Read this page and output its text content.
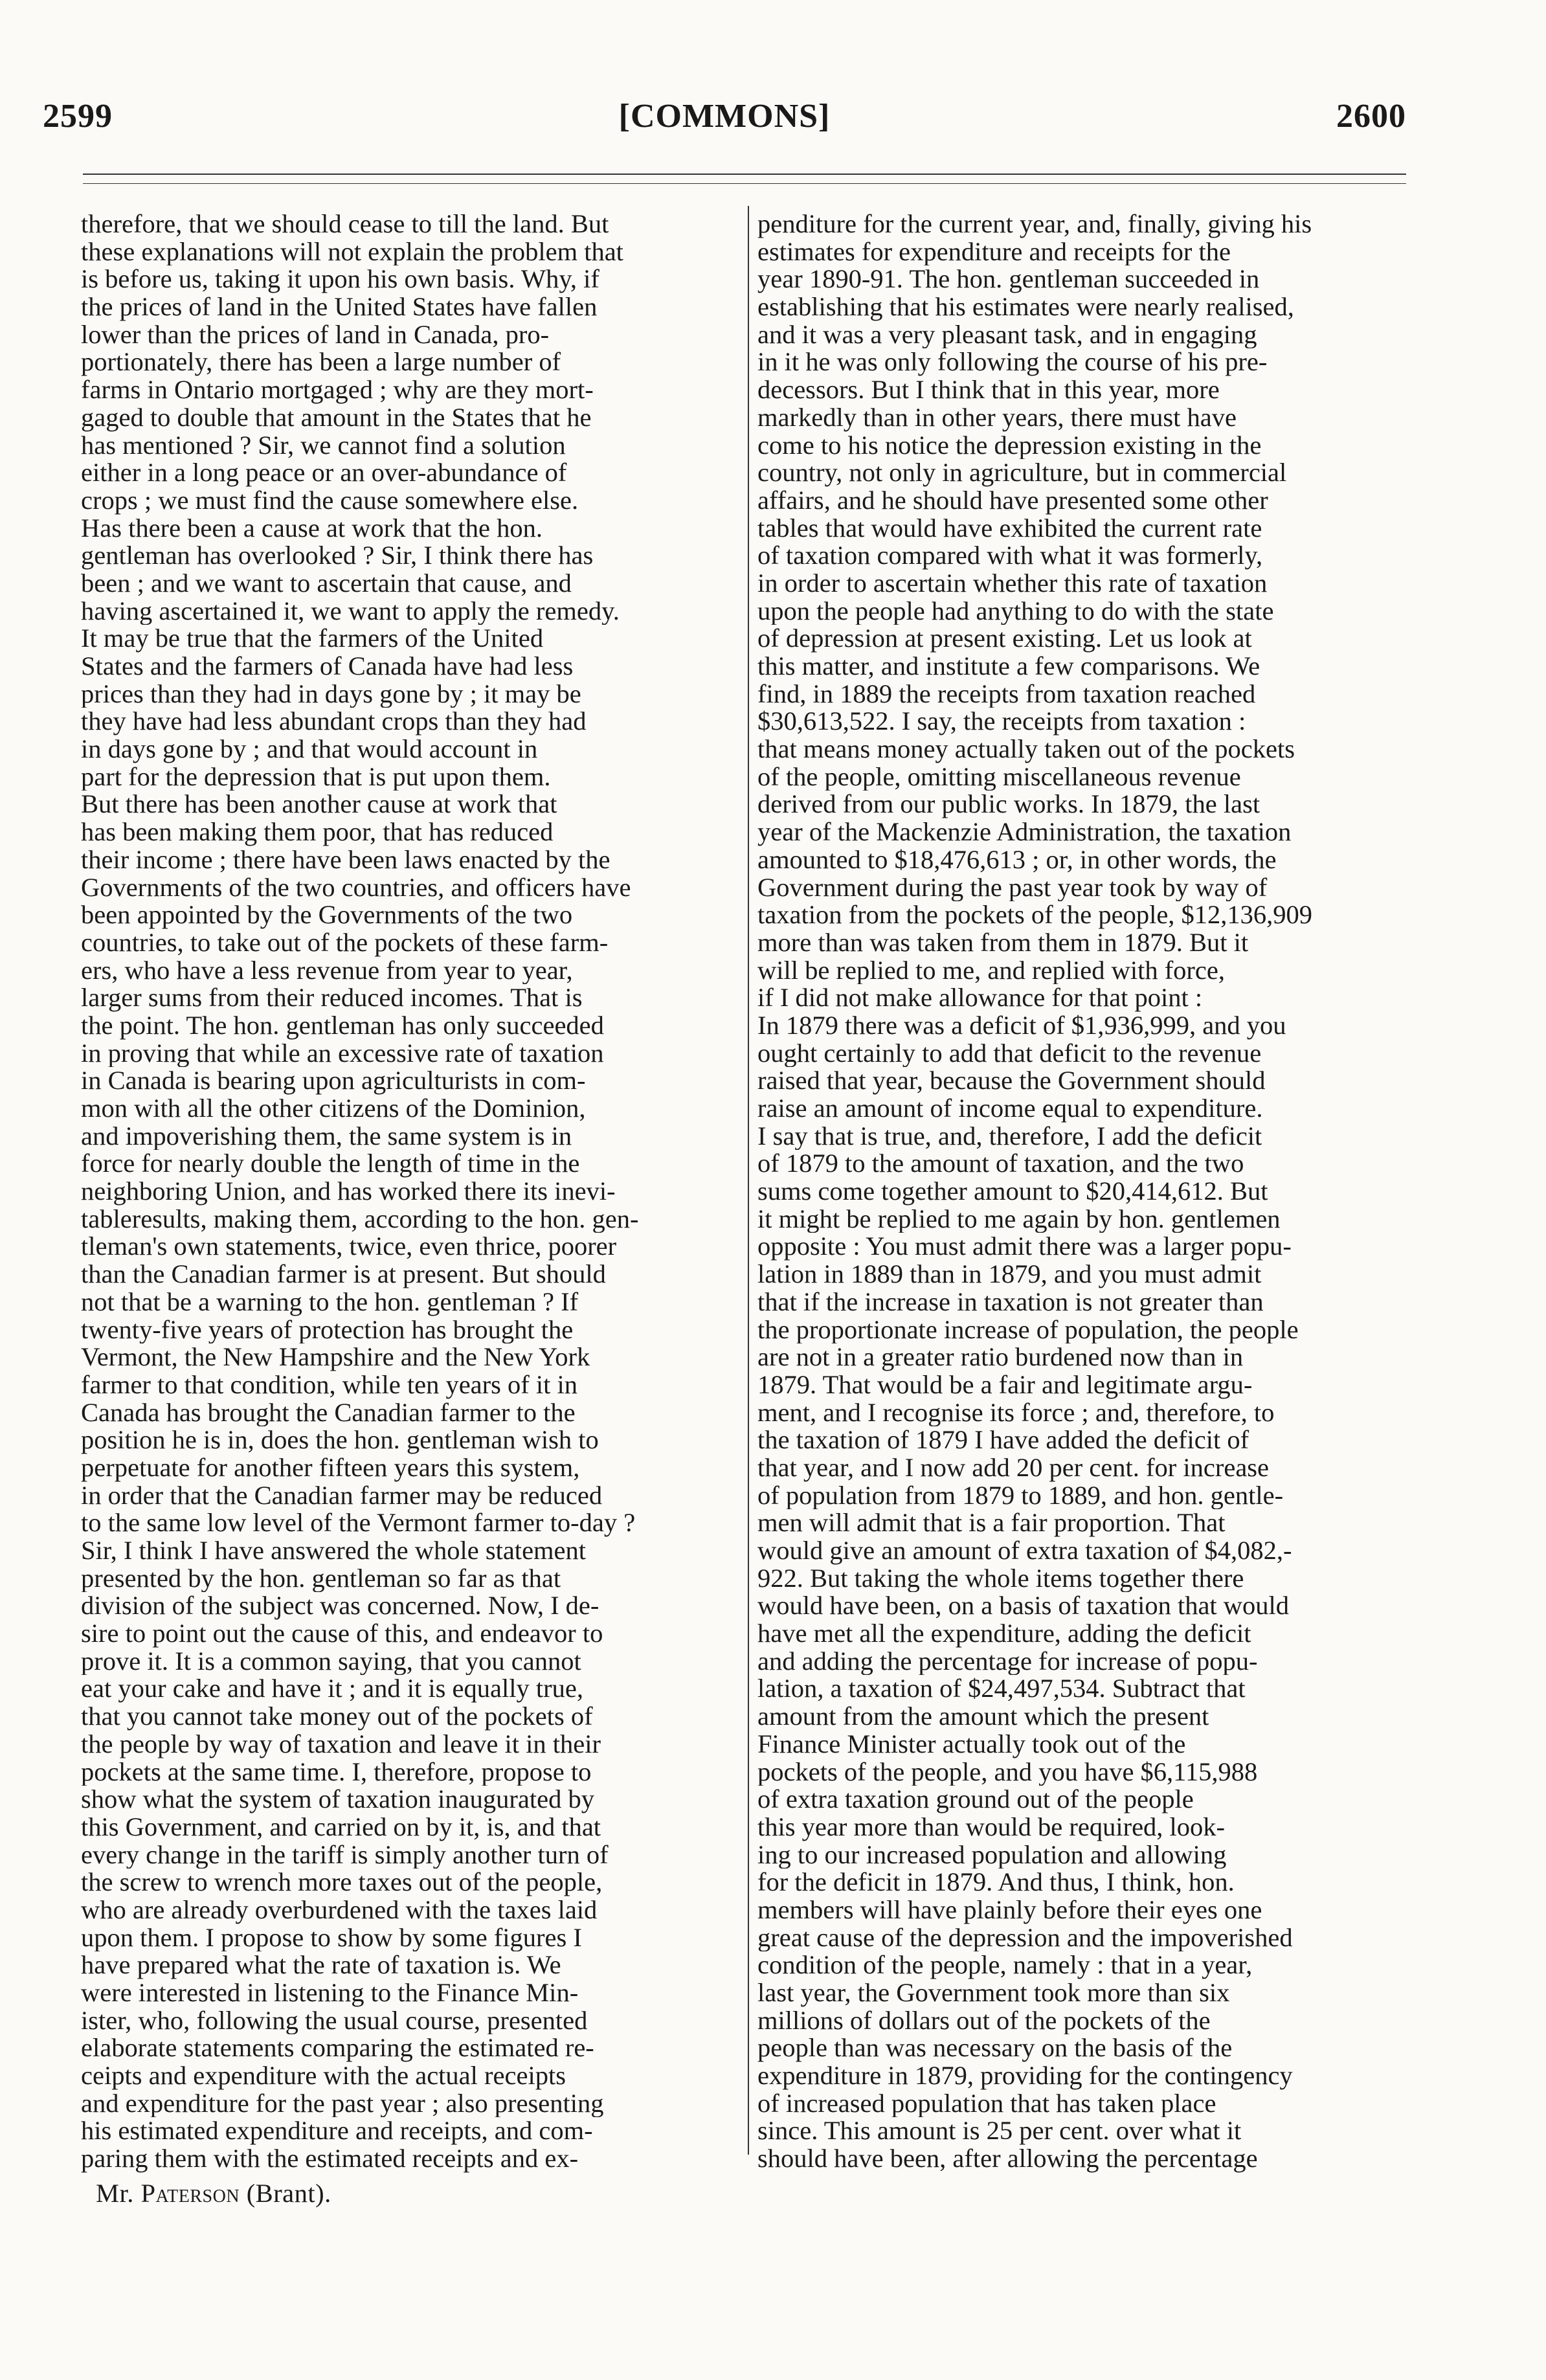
2599	[COMMONS]	2600
therefore, that we should cease to till the land. But
these explanations will not explain the problem that
is before us, taking it upon his own basis. Why, if
the prices of land in the United States have fallen
lower than the prices of land in Canada, pro-
portionately, there has been a large number of
farms in Ontario mortgaged ; why are they mort-
gaged to double that amount in the States that he
has mentioned ? Sir, we cannot find a solution
either in a long peace or an over-abundance of
crops ; we must find the cause somewhere else.
Has there been a cause at work that the hon.
gentleman has overlooked ? Sir, I think there has
been ; and we want to ascertain that cause, and
having ascertained it, we want to apply the remedy.
It may be true that the farmers of the United
States and the farmers of Canada have had less
prices than they had in days gone by ; it may be
they have had less abundant crops than they had
in days gone by ; and that would account in
part for the depression that is put upon them.
But there has been another cause at work that
has been making them poor, that has reduced
their income ; there have been laws enacted by the
Governments of the two countries, and officers have
been appointed by the Governments of the two
countries, to take out of the pockets of these farm-
ers, who have a less revenue from year to year,
larger sums from their reduced incomes. That is
the point. The hon. gentleman has only succeeded
in proving that while an excessive rate of taxation
in Canada is bearing upon agriculturists in com-
mon with all the other citizens of the Dominion,
and impoverishing them, the same system is in
force for nearly double the length of time in the
neighboring Union, and has worked there its inevi-
tableresults, making them, according to the hon. gen-
tleman's own statements, twice, even thrice, poorer
than the Canadian farmer is at present. But should
not that be a warning to the hon. gentleman ? If
twenty-five years of protection has brought the
Vermont, the New Hampshire and the New York
farmer to that condition, while ten years of it in
Canada has brought the Canadian farmer to the
position he is in, does the hon. gentleman wish to
perpetuate for another fifteen years this system,
in order that the Canadian farmer may be reduced
to the same low level of the Vermont farmer to-day ?
Sir, I think I have answered the whole statement
presented by the hon. gentleman so far as that
division of the subject was concerned. Now, I de-
sire to point out the cause of this, and endeavor to
prove it. It is a common saying, that you cannot
eat your cake and have it ; and it is equally true,
that you cannot take money out of the pockets of
the people by way of taxation and leave it in their
pockets at the same time. I, therefore, propose to
show what the system of taxation inaugurated by
this Government, and carried on by it, is, and that
every change in the tariff is simply another turn of
the screw to wrench more taxes out of the people,
who are already overburdened with the taxes laid
upon them. I propose to show by some figures I
have prepared what the rate of taxation is. We
were interested in listening to the Finance Min-
ister, who, following the usual course, presented
elaborate statements comparing the estimated re-
ceipts and expenditure with the actual receipts
and expenditure for the past year ; also presenting
his estimated expenditure and receipts, and com-
paring them with the estimated receipts and ex-
penditure for the current year, and, finally, giving his
estimates for expenditure and receipts for the
year 1890-91. The hon. gentleman succeeded in
establishing that his estimates were nearly realised,
and it was a very pleasant task, and in engaging
in it he was only following the course of his pre-
decessors. But I think that in this year, more
markedly than in other years, there must have
come to his notice the depression existing in the
country, not only in agriculture, but in commercial
affairs, and he should have presented some other
tables that would have exhibited the current rate
of taxation compared with what it was formerly,
in order to ascertain whether this rate of taxation
upon the people had anything to do with the state
of depression at present existing. Let us look at
this matter, and institute a few comparisons. We
find, in 1889 the receipts from taxation reached
$30,613,522. I say, the receipts from taxation :
that means money actually taken out of the pockets
of the people, omitting miscellaneous revenue
derived from our public works. In 1879, the last
year of the Mackenzie Administration, the taxation
amounted to $18,476,613 ; or, in other words, the
Government during the past year took by way of
taxation from the pockets of the people, $12,136,909
more than was taken from them in 1879. But it
will be replied to me, and replied with force,
if I did not make allowance for that point :
In 1879 there was a deficit of $1,936,999, and you
ought certainly to add that deficit to the revenue
raised that year, because the Government should
raise an amount of income equal to expenditure.
I say that is true, and, therefore, I add the deficit
of 1879 to the amount of taxation, and the two
sums come together amount to $20,414,612. But
it might be replied to me again by hon. gentlemen
opposite : You must admit there was a larger popu-
lation in 1889 than in 1879, and you must admit
that if the increase in taxation is not greater than
the proportionate increase of population, the people
are not in a greater ratio burdened now than in
1879. That would be a fair and legitimate argu-
ment, and I recognise its force ; and, therefore, to
the taxation of 1879 I have added the deficit of
that year, and I now add 20 per cent. for increase
of population from 1879 to 1889, and hon. gentle-
men will admit that is a fair proportion. That
would give an amount of extra taxation of $4,082,-
922. But taking the whole items together there
would have been, on a basis of taxation that would
have met all the expenditure, adding the deficit
and adding the percentage for increase of popu-
lation, a taxation of $24,497,534. Subtract that
amount from the amount which the present
Finance Minister actually took out of the
pockets of the people, and you have $6,115,988
of extra taxation ground out of the people
this year more than would be required, look-
ing to our increased population and allowing
for the deficit in 1879. And thus, I think, hon.
members will have plainly before their eyes one
great cause of the depression and the impoverished
condition of the people, namely : that in a year,
last year, the Government took more than six
millions of dollars out of the pockets of the
people than was necessary on the basis of the
expenditure in 1879, providing for the contingency
of increased population that has taken place
since. This amount is 25 per cent. over what it
should have been, after allowing the percentage
Mr. Paterson (Brant).
